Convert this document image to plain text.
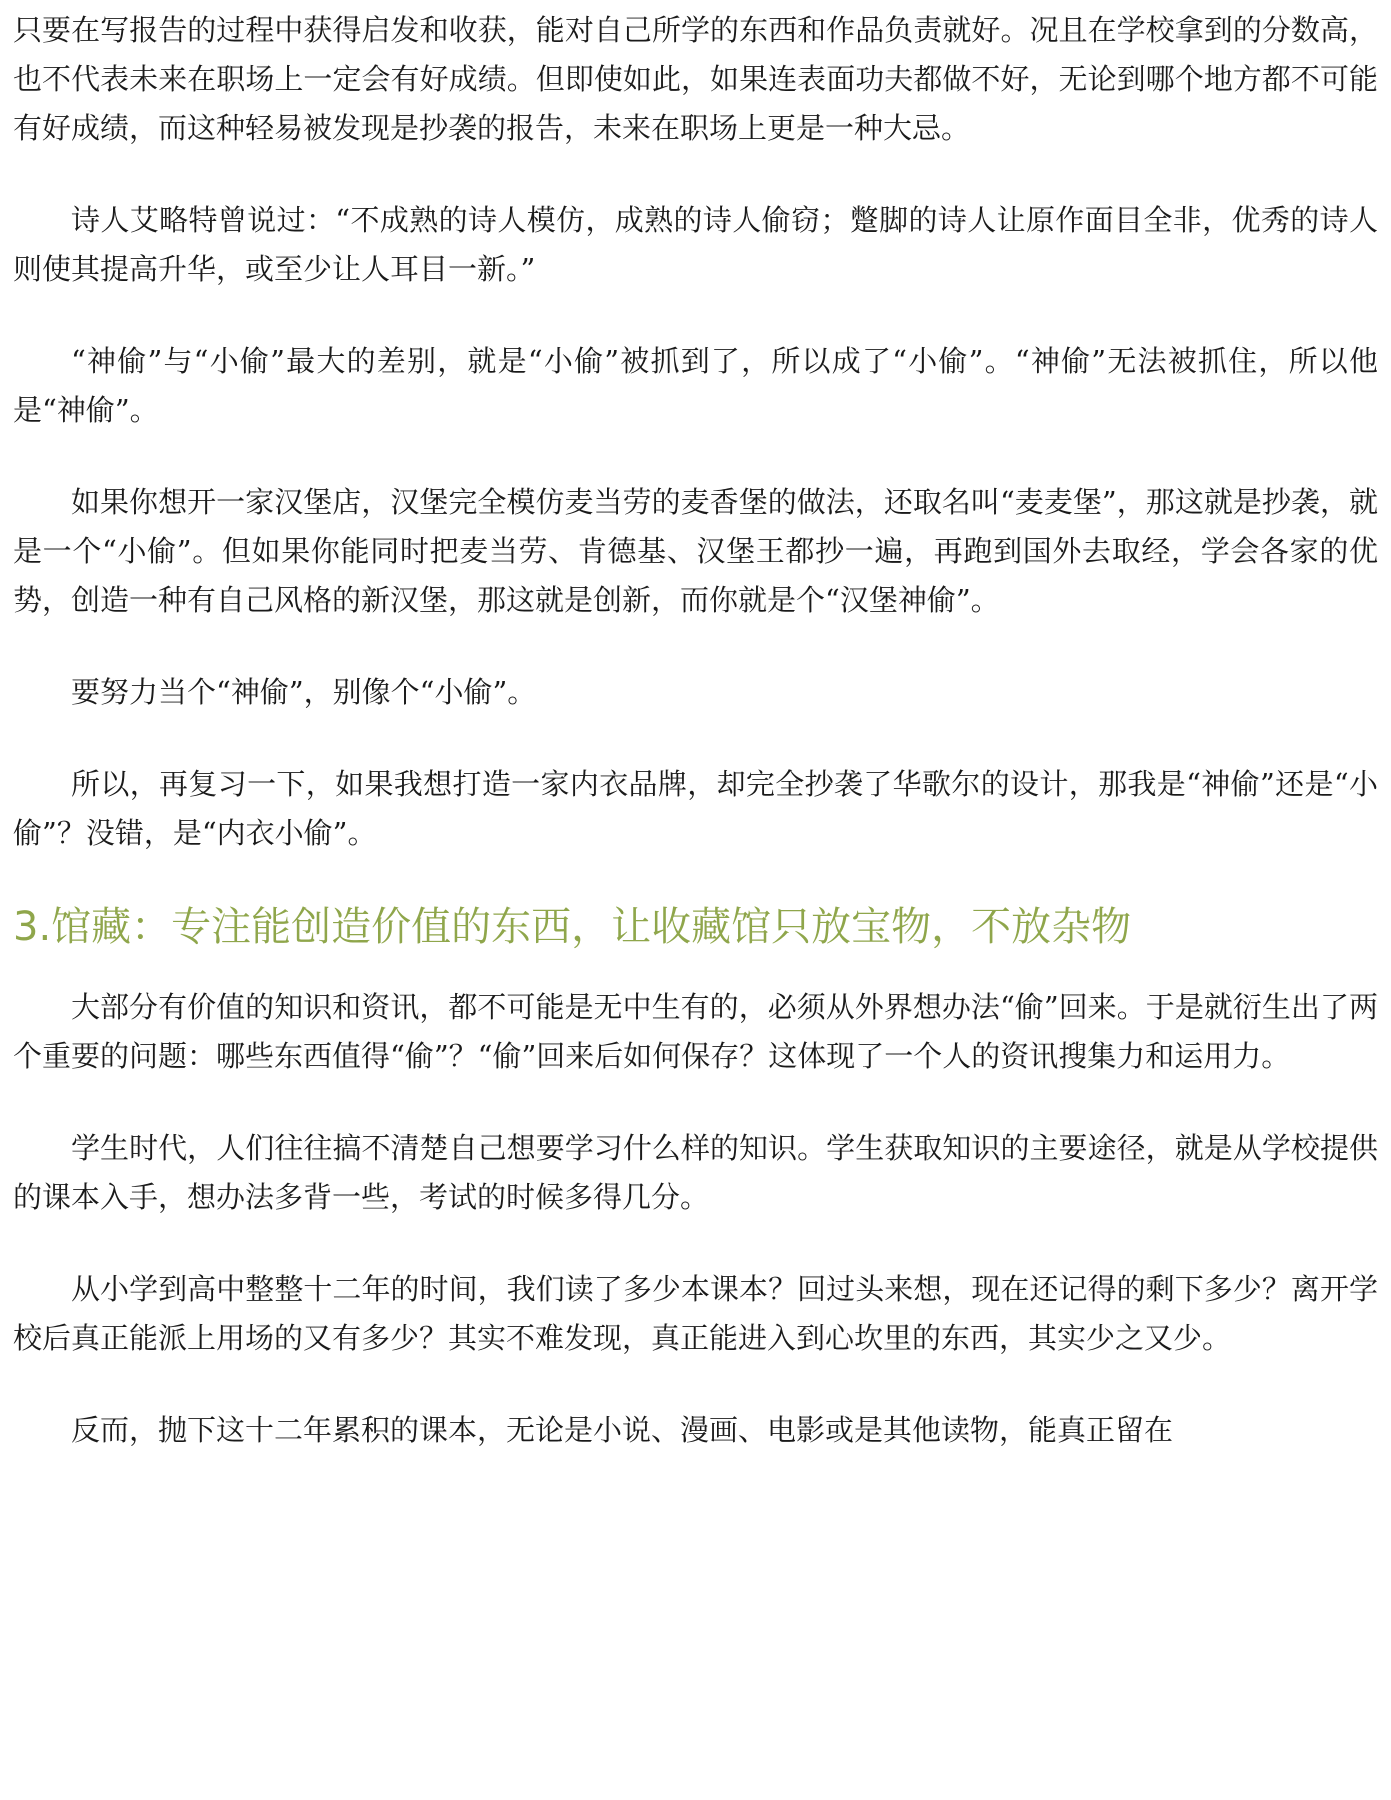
只要在写报告的过程中获得启发和收获，能对自己所学的东西和作品负责就好。况且在学校拿到的分数高，也不代表未来在职场上一定会有好成绩。但即使如此，如果连表面功夫都做不好，无论到哪个地方都不可能有好成绩，而这种轻易被发现是抄袭的报告，未来在职场上更是一种大忌。

诗人艾略特曾说过：“不成熟的诗人模仿，成熟的诗人偷窃；蹩脚的诗人让原作面目全非，优秀的诗人则使其提高升华，或至少让人耳目一新。”

“神偷”与“小偷”最大的差别，就是“小偷”被抓到了，所以成了“小偷”。“神偷”无法被抓住，所以他是“神偷”。

如果你想开一家汉堡店，汉堡完全模仿麦当劳的麦香堡的做法，还取名叫“麦麦堡”，那这就是抄袭，就是一个“小偷”。但如果你能同时把麦当劳、肯德基、汉堡王都抄一遍，再跑到国外去取经，学会各家的优势，创造一种有自己风格的新汉堡，那这就是创新，而你就是个“汉堡神偷”。

要努力当个“神偷”，别像个“小偷”。

所以，再复习一下，如果我想打造一家内衣品牌，却完全抄袭了华歌尔的设计，那我是“神偷”还是“小偷”？没错，是“内衣小偷”。

3.馆藏：专注能创造价值的东西，让收藏馆只放宝物，不放杂物

大部分有价值的知识和资讯，都不可能是无中生有的，必须从外界想办法“偷”回来。于是就衍生出了两个重要的问题：哪些东西值得“偷”？“偷”回来后如何保存？这体现了一个人的资讯搜集力和运用力。

学生时代，人们往往搞不清楚自己想要学习什么样的知识。学生获取知识的主要途径，就是从学校提供的课本入手，想办法多背一些，考试的时候多得几分。

从小学到高中整整十二年的时间，我们读了多少本课本？回过头来想，现在还记得的剩下多少？离开学校后真正能派上用场的又有多少？其实不难发现，真正能进入到心坎里的东西，其实少之又少。

反而，抛下这十二年累积的课本，无论是小说、漫画、电影或是其他读物，能真正留在
